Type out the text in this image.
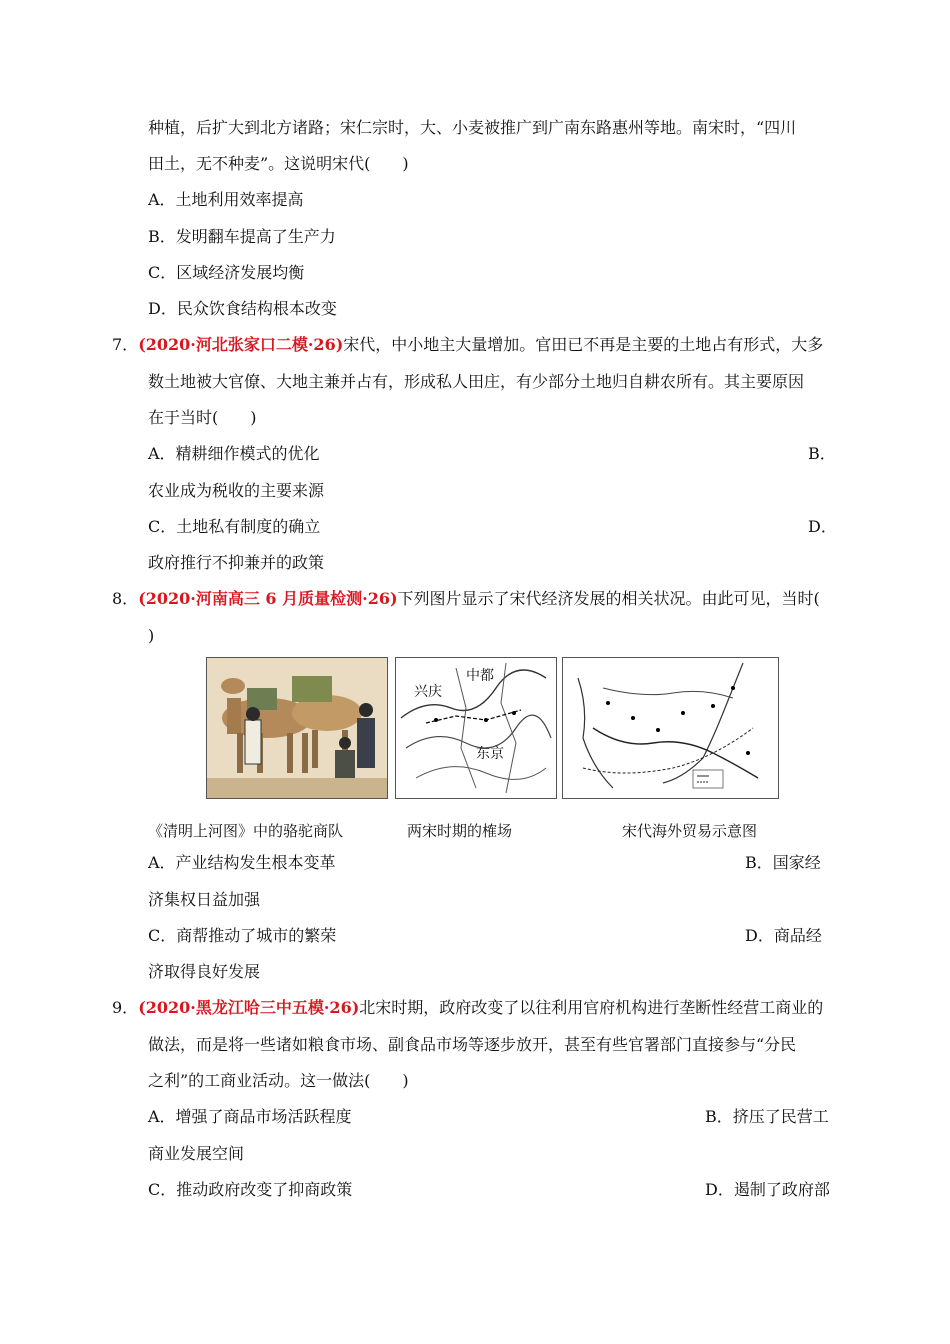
种植，后扩大到北方诸路；宋仁宗时，大、小麦被推广到广南东路惠州等地。南宋时，“四川
田土，无不种麦”。这说明宋代(　　)
A．土地利用效率提高
B．发明翻车提高了生产力
C．区域经济发展均衡
D．民众饮食结构根本改变
7．(2020·河北张家口二模·26)宋代，中小地主大量增加。官田已不再是主要的土地占有形式，大多
数土地被大官僚、大地主兼并占有，形成私人田庄，有少部分土地归自耕农所有。其主要原因
在于当时(　　)
A．精耕细作模式的优化	B．
农业成为税收的主要来源
C．土地私有制度的确立	D．
政府推行不抑兼并的政策
8．(2020·河南高三 6 月质量检测·26)下列图片显示了宋代经济发展的相关状况。由此可见，当时(
)
兴庆
中都
东京
《清明上河图》中的骆驼商队	两宋时期的榷场	宋代海外贸易示意图
A．产业结构发生根本变革	B．国家经
济集权日益加强
C．商帮推动了城市的繁荣	D．商品经
济取得良好发展
9．(2020·黑龙江哈三中五模·26)北宋时期，政府改变了以往利用官府机构进行垄断性经营工商业的
做法，而是将一些诸如粮食市场、副食品市场等逐步放开，甚至有些官署部门直接参与“分民
之利”的工商业活动。这一做法(　　)
A．增强了商品市场活跃程度	B．挤压了民营工
商业发展空间
C．推动政府改变了抑商政策	D．遏制了政府部
